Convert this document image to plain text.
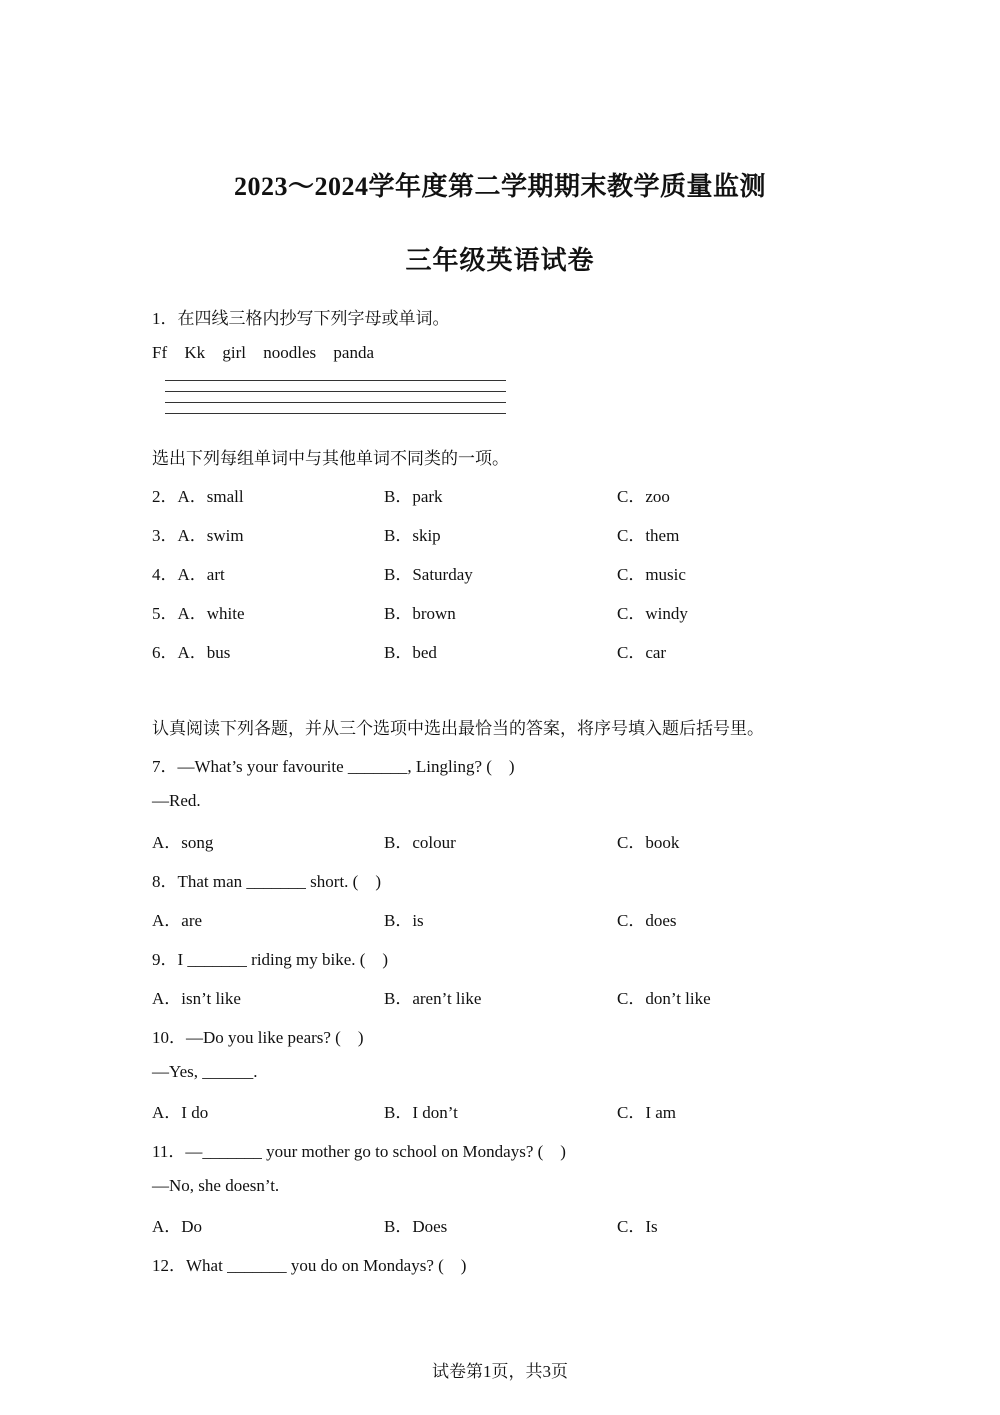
2023～2024学年度第二学期期末教学质量监测
三年级英语试卷
1．在四线三格内抄写下列字母或单词。
Ff Kk girl noodles panda
选出下列每组单词中与其他单词不同类的一项。
2．A．small	B．park	C．zoo
3．A．swim	B．skip	C．them
4．A．art	B．Saturday	C．music
5．A．white	B．brown	C．windy
6．A．bus	B．bed	C．car
认真阅读下列各题，并从三个选项中选出最恰当的答案，将序号填入题后括号里。
7．—What’s your favourite _______, Lingling? (　)
—Red.
A．song	B．colour	C．book
8．That man _______ short. (　)
A．are	B．is	C．does
9．I _______ riding my bike. (　)
A．isn’t like	B．aren’t like	C．don’t like
10．—Do you like pears? (　)
—Yes, ______.
A．I do	B．I don’t	C．I am
11．—_______ your mother go to school on Mondays? (　)
—No, she doesn’t.
A．Do	B．Does	C．Is
12．What _______ you do on Mondays? (　)
试卷第1页，共3页
